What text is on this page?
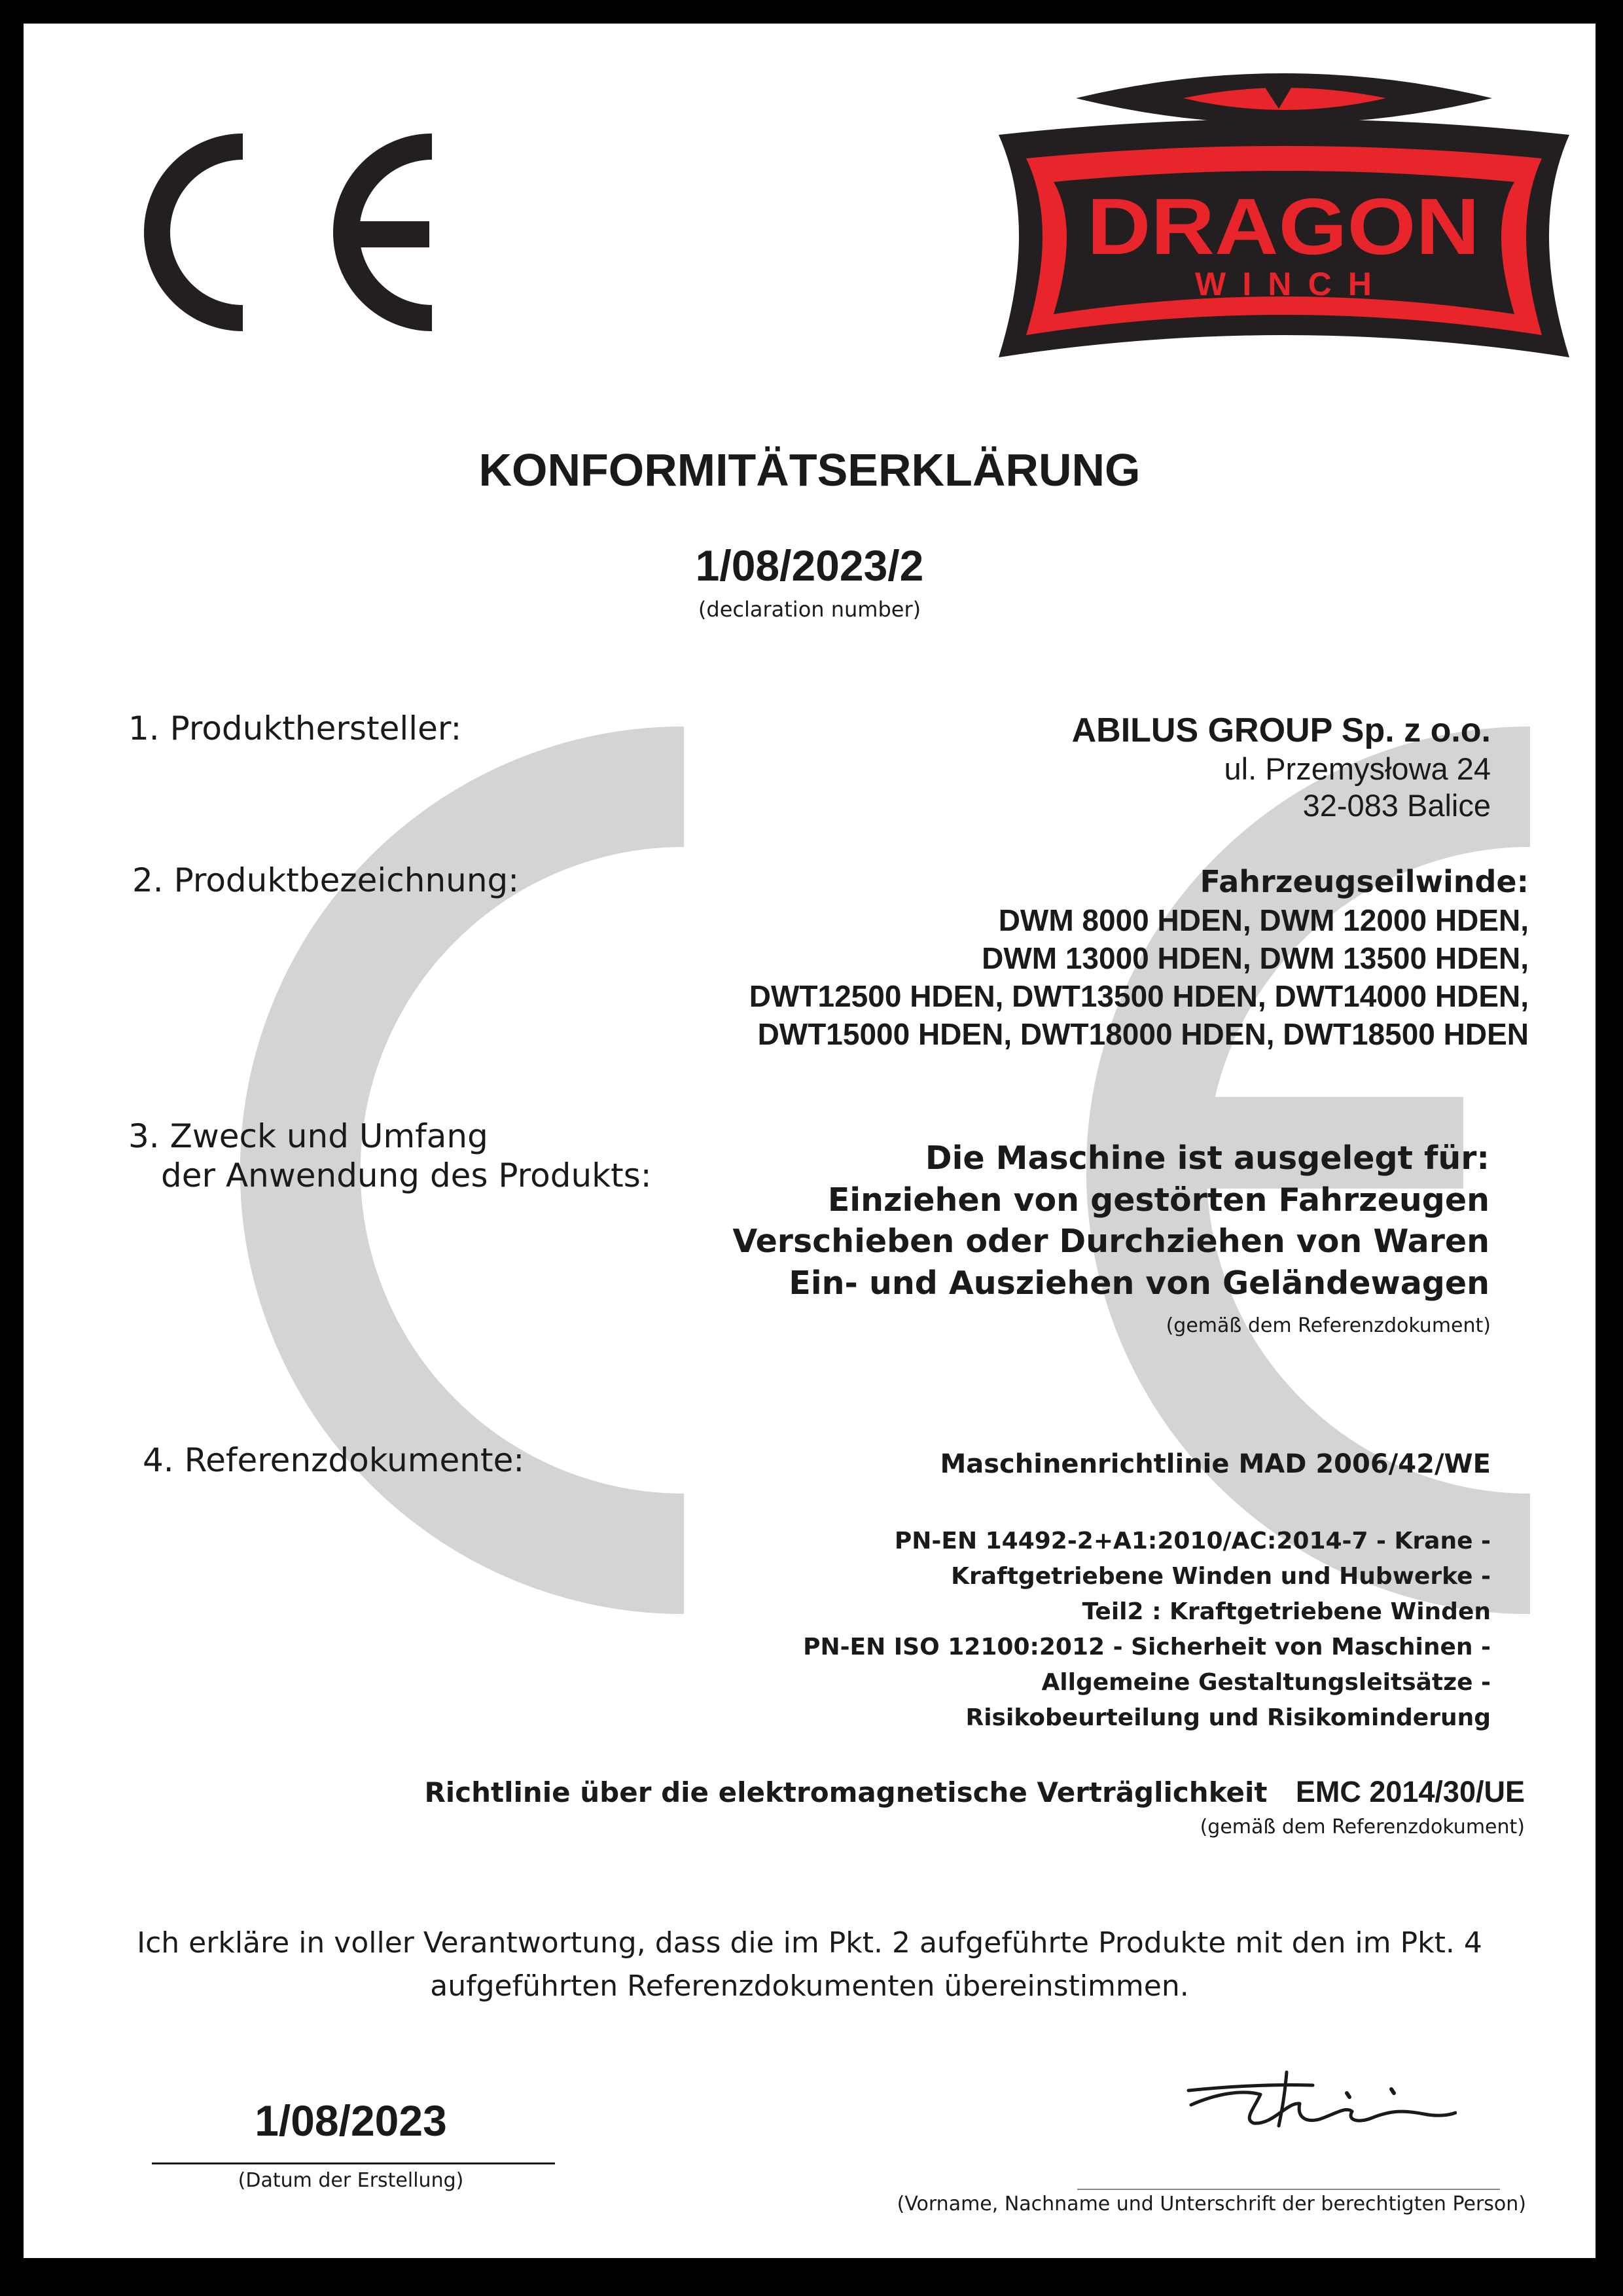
DRAGON
WINCH
KONFORMITÄTSERKLÄRUNG
1/08/2023/2
(declaration number)
1. Produkthersteller:	ABILUS GROUP Sp. z o.o.
ul. Przemysłowa 24
32-083 Balice
2. Produktbezeichnung:	Fahrzeugseilwinde:
DWM 8000 HDEN, DWM 12000 HDEN,
DWM 13000 HDEN, DWM 13500 HDEN,
DWT12500 HDEN, DWT13500 HDEN, DWT14000 HDEN,
DWT15000 HDEN, DWT18000 HDEN, DWT18500 HDEN
3. Zweck und Umfang
der Anwendung des Produkts:	Die Maschine ist ausgelegt für:
Einziehen von gestörten Fahrzeugen
Verschieben oder Durchziehen von Waren
Ein- und Ausziehen von Geländewagen
(gemäß dem Referenzdokument)
4. Referenzdokumente:	Maschinenrichtlinie MAD 2006/42/WE
PN-EN 14492-2+A1:2010/AC:2014-7 - Krane -
Kraftgetriebene Winden und Hubwerke -
Teil2 : Kraftgetriebene Winden
PN-EN ISO 12100:2012 - Sicherheit von Maschinen -
Allgemeine Gestaltungsleitsätze -
Risikobeurteilung und Risikominderung
Richtlinie über die elektromagnetische Verträglichkeit EMC 2014/30/UE
(gemäß dem Referenzdokument)
Ich erkläre in voller Verantwortung, dass die im Pkt. 2 aufgeführte Produkte mit den im Pkt. 4
aufgeführten Referenzdokumenten übereinstimmen.
1/08/2023
(Datum der Erstellung)
(Vorname, Nachname und Unterschrift der berechtigten Person)
